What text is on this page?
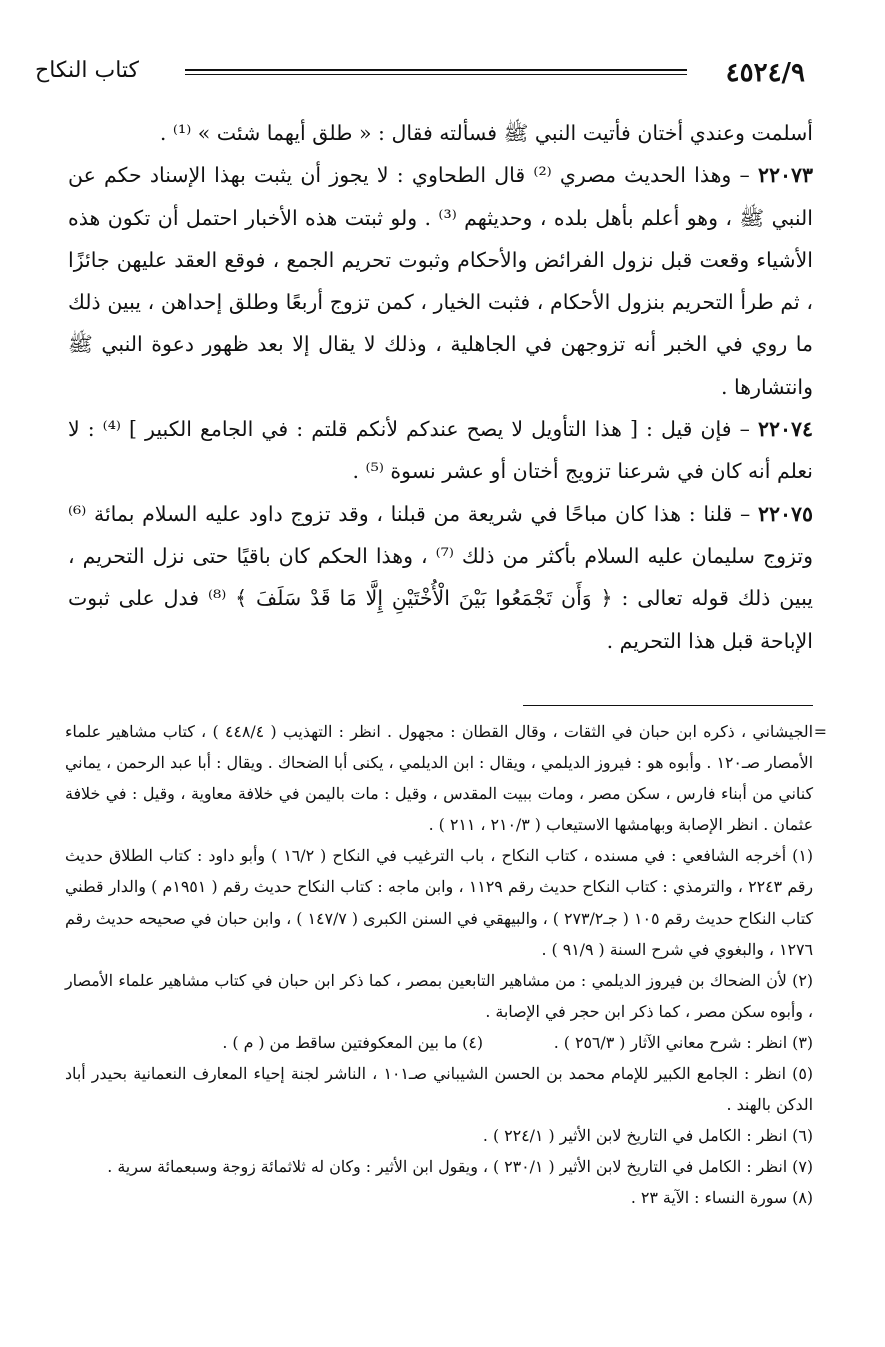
٤٥٢٤/٩
كتاب النكاح

أسلمت وعندي أختان فأتيت النبي ﷺ فسألته فقال : « طلق أيهما شئت » ⁽¹⁾ .

٢٢٠٧٣ – وهذا الحديث مصري ⁽²⁾ قال الطحاوي : لا يجوز أن يثبت بهذا الإسناد حكم عن النبي ﷺ ، وهو أعلم بأهل بلده ، وحديثهم ⁽³⁾ . ولو ثبتت هذه الأخبار احتمل أن تكون هذه الأشياء وقعت قبل نزول الفرائض والأحكام وثبوت تحريم الجمع ، فوقع العقد عليهن جائزًا ، ثم طرأ التحريم بنزول الأحكام ، فثبت الخيار ، كمن تزوج أربعًا وطلق إحداهن ، يبين ذلك ما روي في الخبر أنه تزوجهن في الجاهلية ، وذلك لا يقال إلا بعد ظهور دعوة النبي ﷺ وانتشارها .

٢٢٠٧٤ – فإن قيل : [ هذا التأويل لا يصح عندكم لأنكم قلتم : في الجامع الكبير ] ⁽⁴⁾ : لا نعلم أنه كان في شرعنا تزويج أختان أو عشر نسوة ⁽⁵⁾ .

٢٢٠٧٥ – قلنا : هذا كان مباحًا في شريعة من قبلنا ، وقد تزوج داود عليه السلام بمائة ⁽⁶⁾ وتزوج سليمان عليه السلام بأكثر من ذلك ⁽⁷⁾ ، وهذا الحكم كان باقيًا حتى نزل التحريم ، يبين ذلك قوله تعالى : ﴿ وَأَن تَجْمَعُوا بَيْنَ الْأُخْتَيْنِ إِلَّا مَا قَدْ سَلَفَ ﴾ ⁽⁸⁾ فدل على ثبوت الإباحة قبل هذا التحريم .

=
الجيشاني ، ذكره ابن حبان في الثقات ، وقال القطان : مجهول . انظر : التهذيب ( ٤٤٨/٤ ) ، كتاب مشاهير علماء الأمصار صـ١٢٠ . وأبوه هو : فيروز الديلمي ، ويقال : ابن الديلمي ، يكنى أبا الضحاك . ويقال : أبا عبد الرحمن ، يماني كناني من أبناء فارس ، سكن مصر ، ومات ببيت المقدس ، وقيل : مات باليمن في خلافة معاوية ، وقيل : في خلافة عثمان . انظر الإصابة وبهامشها الاستيعاب ( ٢١٠/٣ ، ٢١١ ) .

(١) أخرجه الشافعي : في مسنده ، كتاب النكاح ، باب الترغيب في النكاح ( ١٦/٢ ) وأبو داود : كتاب الطلاق حديث رقم ٢٢٤٣ ، والترمذي : كتاب النكاح حديث رقم ١١٢٩ ، وابن ماجه : كتاب النكاح حديث رقم ( ١٩٥١م ) والدار قطني كتاب النكاح حديث رقم ١٠٥ ( جـ٢٧٣/٢ ) ، والبيهقي في السنن الكبرى ( ١٤٧/٧ ) ، وابن حبان في صحيحه حديث رقم ١٢٧٦ ، والبغوي في شرح السنة ( ٩١/٩ ) .

(٢) لأن الضحاك بن فيروز الديلمي : من مشاهير التابعين بمصر ، كما ذكر ابن حبان في كتاب مشاهير علماء الأمصار ، وأبوه سكن مصر ، كما ذكر ابن حجر في الإصابة .

(٣) انظر : شرح معاني الآثار ( ٢٥٦/٣ ) .(٤) ما بين المعكوفتين ساقط من ( م ) .

(٥) انظر : الجامع الكبير للإمام محمد بن الحسن الشيباني صـ١٠١ ، الناشر لجنة إحياء المعارف النعمانية بحيدر أباد الدكن بالهند .

(٦) انظر : الكامل في التاريخ لابن الأثير ( ٢٢٤/١ ) .

(٧) انظر : الكامل في التاريخ لابن الأثير ( ٢٣٠/١ ) ، ويقول ابن الأثير : وكان له ثلاثمائة زوجة وسبعمائة سرية .

(٨) سورة النساء : الآية ٢٣ .
